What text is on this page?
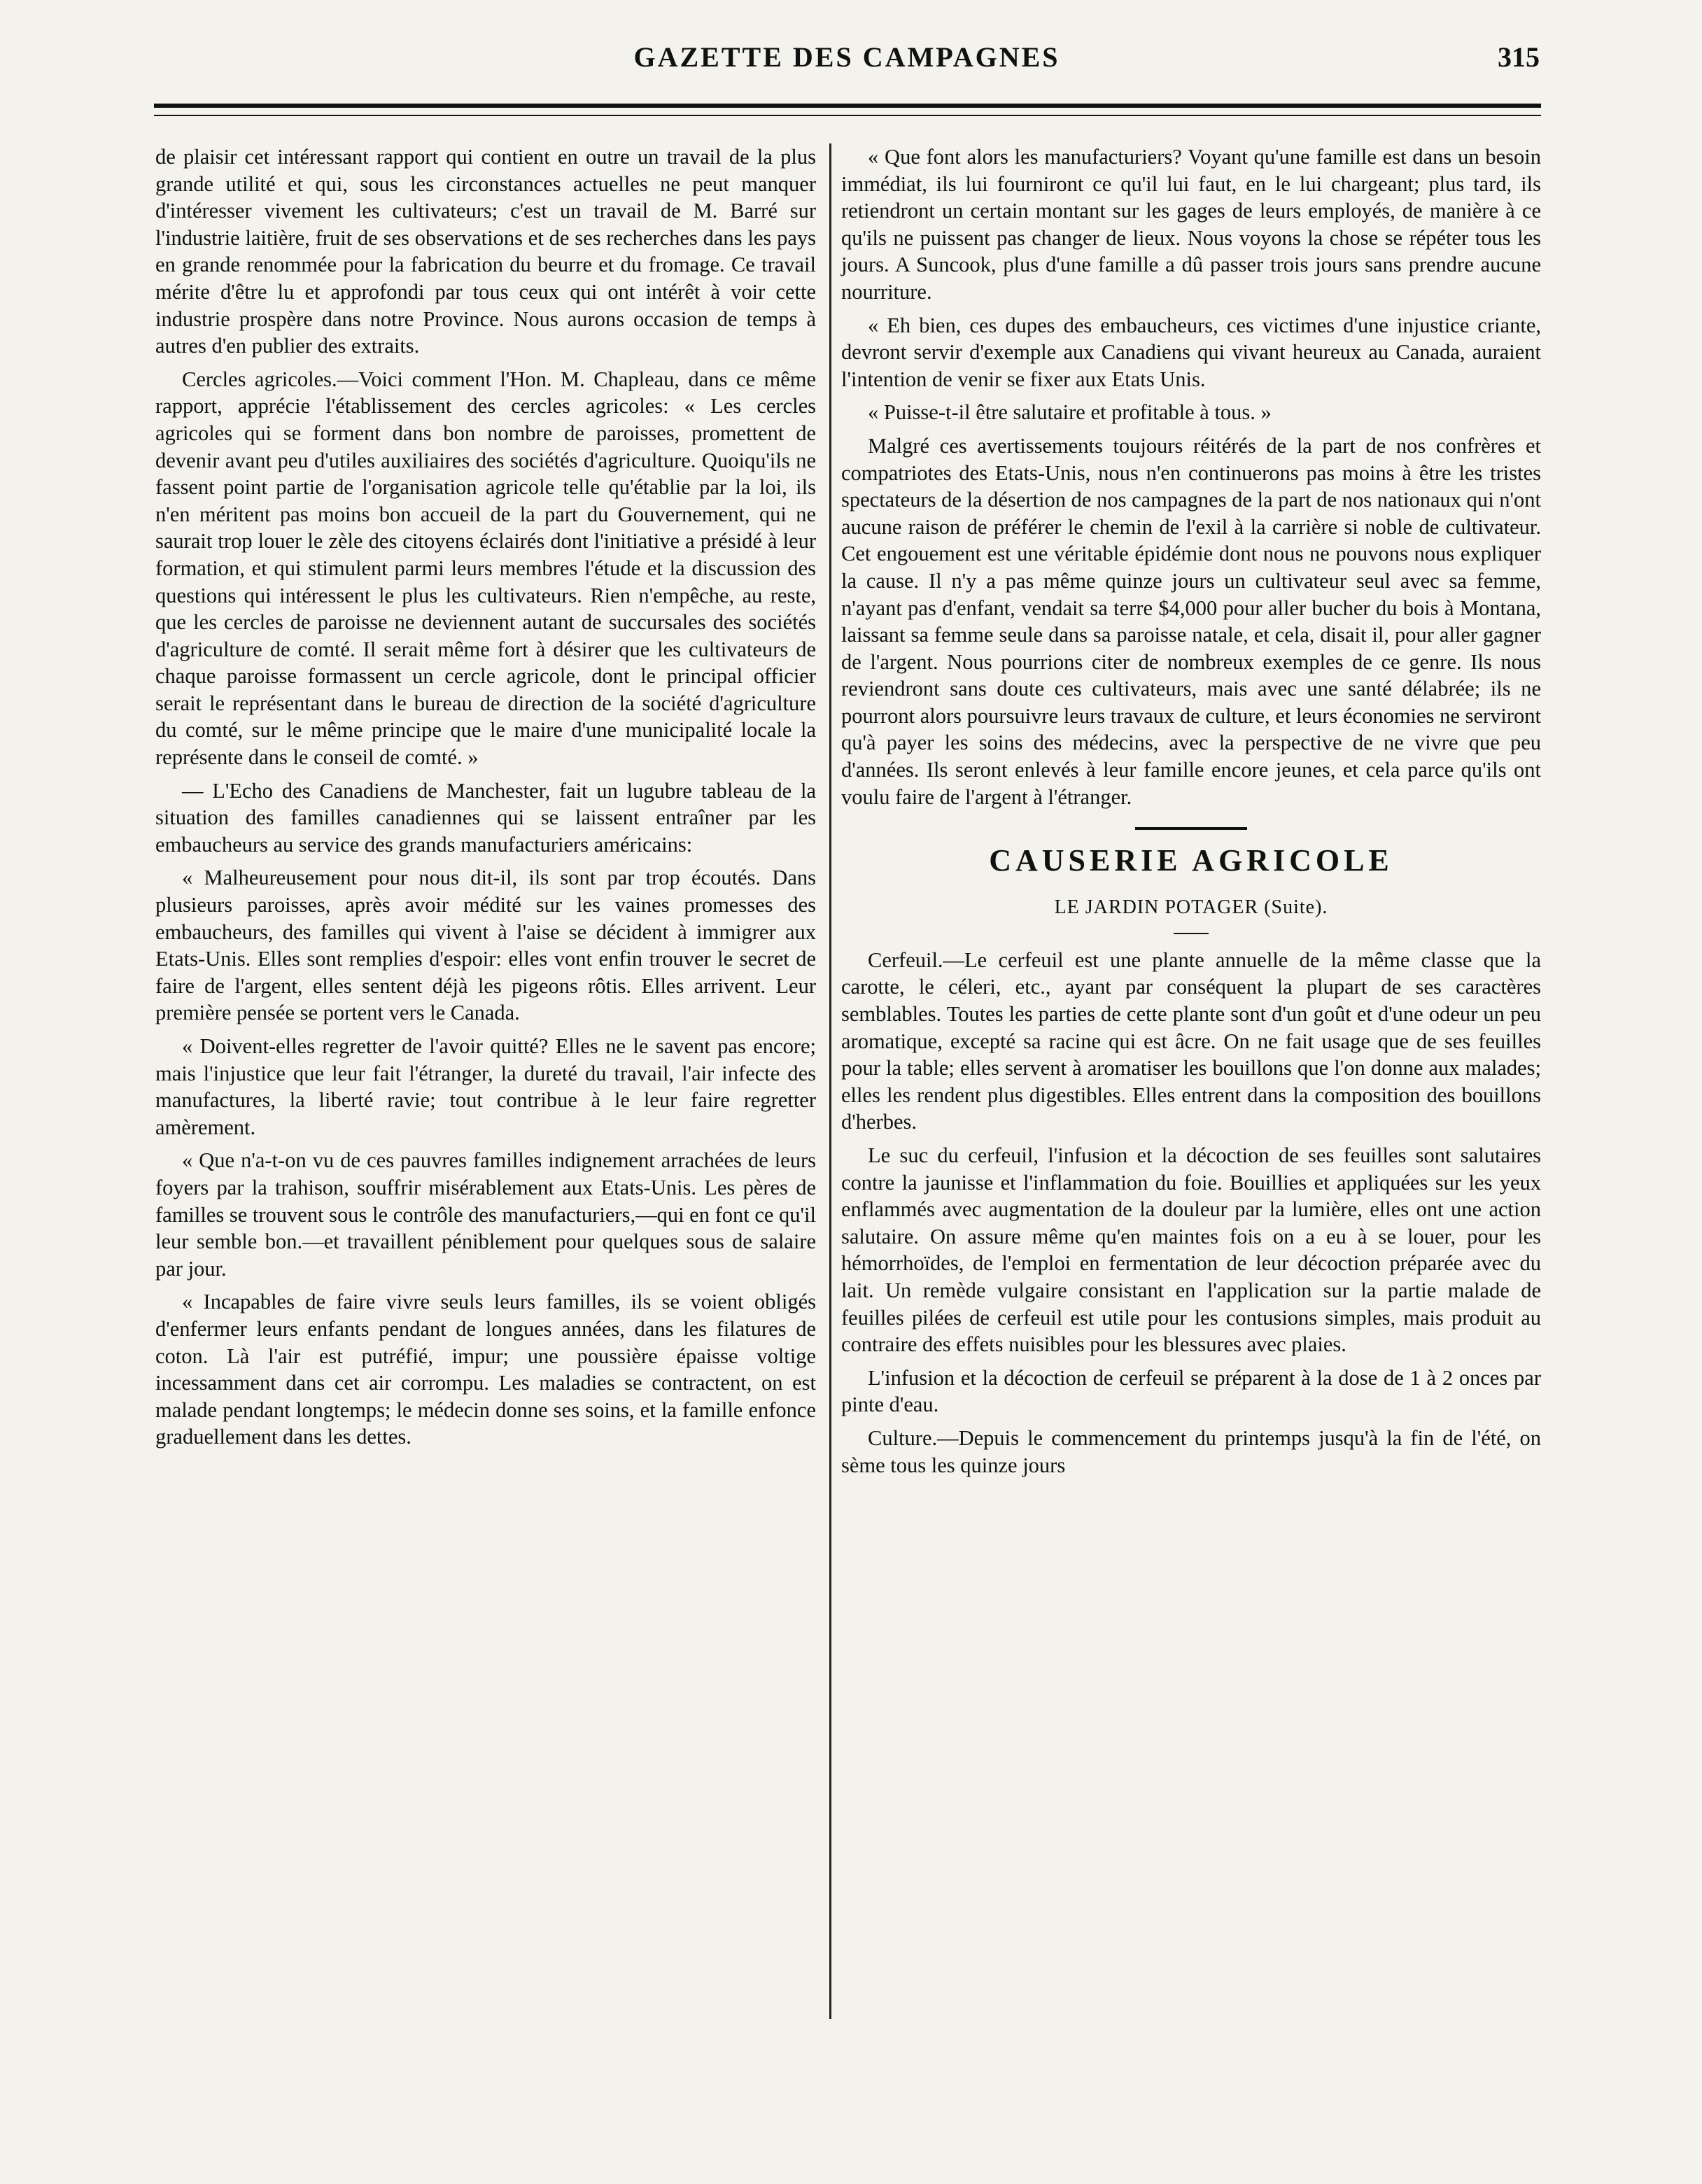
GAZETTE DES CAMPAGNES	315

de plaisir cet intéressant rapport qui contient en outre un travail de la plus grande utilité et qui, sous les circonstances actuelles ne peut manquer d'intéresser vivement les cultivateurs; c'est un travail de M. Barré sur l'industrie laitière, fruit de ses observations et de ses recherches dans les pays en grande renommée pour la fabrication du beurre et du fromage. Ce travail mérite d'être lu et approfondi par tous ceux qui ont intérêt à voir cette industrie prospère dans notre Province. Nous aurons occasion de temps à autres d'en publier des extraits.

Cercles agricoles.—Voici comment l'Hon. M. Chapleau, dans ce même rapport, apprécie l'établissement des cercles agricoles: « Les cercles agricoles qui se forment dans bon nombre de paroisses, promettent de devenir avant peu d'utiles auxiliaires des sociétés d'agriculture. Quoiqu'ils ne fassent point partie de l'organisation agricole telle qu'établie par la loi, ils n'en méritent pas moins bon accueil de la part du Gouvernement, qui ne saurait trop louer le zèle des citoyens éclairés dont l'initiative a présidé à leur formation, et qui stimulent parmi leurs membres l'étude et la discussion des questions qui intéressent le plus les cultivateurs. Rien n'empêche, au reste, que les cercles de paroisse ne deviennent autant de succursales des sociétés d'agriculture de comté. Il serait même fort à désirer que les cultivateurs de chaque paroisse formassent un cercle agricole, dont le principal officier serait le représentant dans le bureau de direction de la société d'agriculture du comté, sur le même principe que le maire d'une municipalité locale la représente dans le conseil de comté. »

— L'Echo des Canadiens de Manchester, fait un lugubre tableau de la situation des familles canadiennes qui se laissent entraîner par les embaucheurs au service des grands manufacturiers américains:

« Malheureusement pour nous dit-il, ils sont par trop écoutés. Dans plusieurs paroisses, après avoir médité sur les vaines promesses des embaucheurs, des familles qui vivent à l'aise se décident à immigrer aux Etats-Unis. Elles sont remplies d'espoir: elles vont enfin trouver le secret de faire de l'argent, elles sentent déjà les pigeons rôtis. Elles arrivent. Leur première pensée se portent vers le Canada.

« Doivent-elles regretter de l'avoir quitté? Elles ne le savent pas encore; mais l'injustice que leur fait l'étranger, la dureté du travail, l'air infecte des manufactures, la liberté ravie; tout contribue à le leur faire regretter amèrement.

« Que n'a-t-on vu de ces pauvres familles indignement arrachées de leurs foyers par la trahison, souffrir misérablement aux Etats-Unis. Les pères de familles se trouvent sous le contrôle des manufacturiers,—qui en font ce qu'il leur semble bon.—et travaillent péniblement pour quelques sous de salaire par jour.

« Incapables de faire vivre seuls leurs familles, ils se voient obligés d'enfermer leurs enfants pendant de longues années, dans les filatures de coton. Là l'air est putréfié, impur; une poussière épaisse voltige incessamment dans cet air corrompu. Les maladies se contractent, on est malade pendant longtemps; le médecin donne ses soins, et la famille enfonce graduellement dans les dettes.

« Que font alors les manufacturiers? Voyant qu'une famille est dans un besoin immédiat, ils lui fourniront ce qu'il lui faut, en le lui chargeant; plus tard, ils retiendront un certain montant sur les gages de leurs employés, de manière à ce qu'ils ne puissent pas changer de lieux. Nous voyons la chose se répéter tous les jours. A Suncook, plus d'une famille a dû passer trois jours sans prendre aucune nourriture.

« Eh bien, ces dupes des embaucheurs, ces victimes d'une injustice criante, devront servir d'exemple aux Canadiens qui vivant heureux au Canada, auraient l'intention de venir se fixer aux Etats Unis.

« Puisse-t-il être salutaire et profitable à tous. »

Malgré ces avertissements toujours réitérés de la part de nos confrères et compatriotes des Etats-Unis, nous n'en continuerons pas moins à être les tristes spectateurs de la désertion de nos campagnes de la part de nos nationaux qui n'ont aucune raison de préférer le chemin de l'exil à la carrière si noble de cultivateur. Cet engouement est une véritable épidémie dont nous ne pouvons nous expliquer la cause. Il n'y a pas même quinze jours un cultivateur seul avec sa femme, n'ayant pas d'enfant, vendait sa terre $4,000 pour aller bucher du bois à Montana, laissant sa femme seule dans sa paroisse natale, et cela, disait il, pour aller gagner de l'argent. Nous pourrions citer de nombreux exemples de ce genre. Ils nous reviendront sans doute ces cultivateurs, mais avec une santé délabrée; ils ne pourront alors poursuivre leurs travaux de culture, et leurs économies ne serviront qu'à payer les soins des médecins, avec la perspective de ne vivre que peu d'années. Ils seront enlevés à leur famille encore jeunes, et cela parce qu'ils ont voulu faire de l'argent à l'étranger.

CAUSERIE AGRICOLE
LE JARDIN POTAGER (Suite).

Cerfeuil.—Le cerfeuil est une plante annuelle de la même classe que la carotte, le céleri, etc., ayant par conséquent la plupart de ses caractères semblables. Toutes les parties de cette plante sont d'un goût et d'une odeur un peu aromatique, excepté sa racine qui est âcre. On ne fait usage que de ses feuilles pour la table; elles servent à aromatiser les bouillons que l'on donne aux malades; elles les rendent plus digestibles. Elles entrent dans la composition des bouillons d'herbes.

Le suc du cerfeuil, l'infusion et la décoction de ses feuilles sont salutaires contre la jaunisse et l'inflammation du foie. Bouillies et appliquées sur les yeux enflammés avec augmentation de la douleur par la lumière, elles ont une action salutaire. On assure même qu'en maintes fois on a eu à se louer, pour les hémorrhoïdes, de l'emploi en fermentation de leur décoction préparée avec du lait. Un remède vulgaire consistant en l'application sur la partie malade de feuilles pilées de cerfeuil est utile pour les contusions simples, mais produit au contraire des effets nuisibles pour les blessures avec plaies.

L'infusion et la décoction de cerfeuil se préparent à la dose de 1 à 2 onces par pinte d'eau.

Culture.—Depuis le commencement du printemps jusqu'à la fin de l'été, on sème tous les quinze jours
